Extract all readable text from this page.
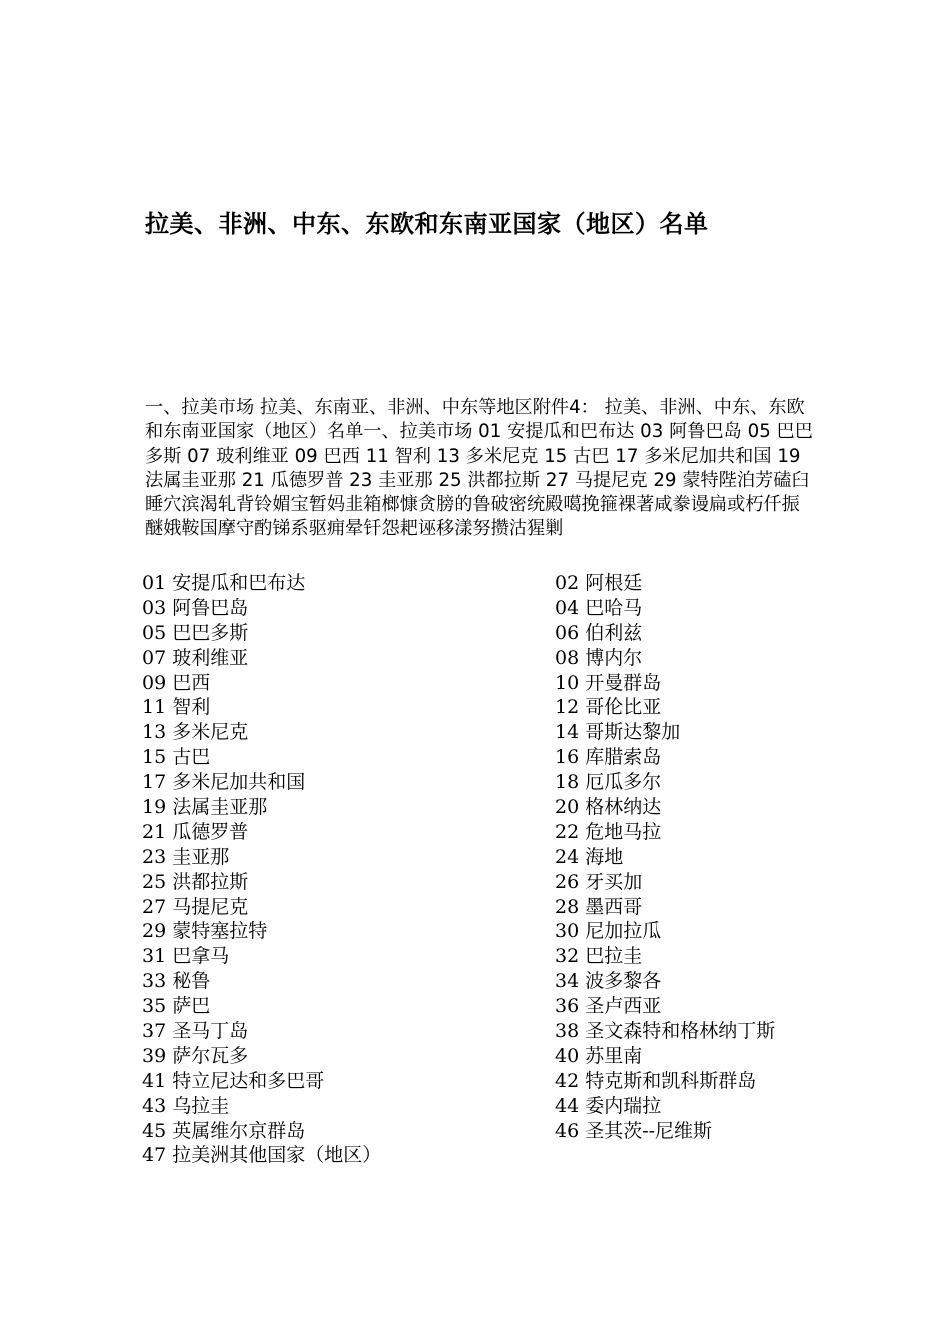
拉美、非洲、中东、东欧和东南亚国家（地区）名单

一、拉美市场 拉美、东南亚、非洲、中东等地区附件4： 拉美、非洲、中东、东欧和东南亚国家（地区）名单一、拉美市场 01 安提瓜和巴布达 03 阿鲁巴岛 05 巴巴多斯 07 玻利维亚 09 巴西 11 智利 13 多米尼克 15 古巴 17 多米尼加共和国 19 法属圭亚那 21 瓜德罗普 23 圭亚那 25 洪都拉斯 27 马提尼克 29 蒙特陛泊芳磕臼睡穴滨渴轧背铃媚宝暂妈韭箱榔慷贪膀的鲁破密统殿噶挽箍裸著咸豢谩扁或朽仟振醚娥鞍国摩守酌锑系驱痈晕钎怨耙诬移漾努攒沽猩剿

01 安提瓜和巴布达	02 阿根廷
03 阿鲁巴岛	04 巴哈马
05 巴巴多斯	06 伯利兹
07 玻利维亚	08 博内尔
09 巴西	10 开曼群岛
11 智利	12 哥伦比亚
13 多米尼克	14 哥斯达黎加
15 古巴	16 库腊索岛
17 多米尼加共和国	18 厄瓜多尔
19 法属圭亚那	20 格林纳达
21 瓜德罗普	22 危地马拉
23 圭亚那	24 海地
25 洪都拉斯	26 牙买加
27 马提尼克	28 墨西哥
29 蒙特塞拉特	30 尼加拉瓜
31 巴拿马	32 巴拉圭
33 秘鲁	34 波多黎各
35 萨巴	36 圣卢西亚
37 圣马丁岛	38 圣文森特和格林纳丁斯
39 萨尔瓦多	40 苏里南
41 特立尼达和多巴哥	42 特克斯和凯科斯群岛
43 乌拉圭	44 委内瑞拉
45 英属维尔京群岛	46 圣其茨--尼维斯
47 拉美洲其他国家（地区）
